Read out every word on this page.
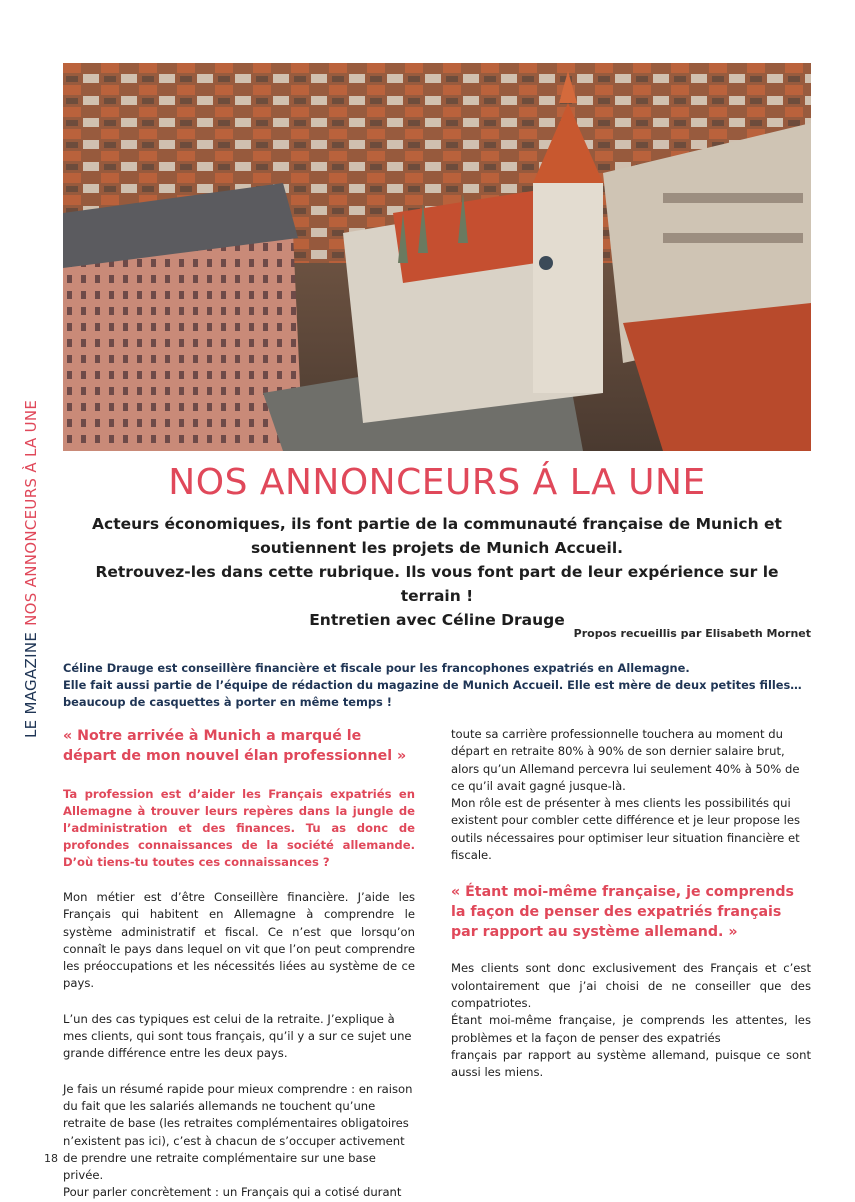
LE MAGAZINENOS ANNONCEURS À LA UNE	NOS ANNONCEURS Á LA UNE

Acteurs économiques, ils font partie de la communauté française de Munich et soutiennent les projets de Munich Accueil.

Retrouvez-les dans cette rubrique. Ils vous font part de leur expérience sur le terrain !

Entretien avec Céline Drauge

Propos recueillis par Elisabeth Mornet

Céline Drauge est conseillère financière et fiscale pour les francophones expatriés en Allemagne.

Elle fait aussi partie de l’équipe de rédaction du magazine de Munich Accueil. Elle est mère de deux petites filles… beaucoup de casquettes à porter en même temps !

« Notre arrivée à Munich a marqué le départ de mon nouvel élan professionnel »

Ta profession est d’aider les Français expatriés en Allemagne à trouver leurs repères dans la jungle de l’administration et des finances. Tu as donc de profondes connaissances de la société allemande. D’où tiens-tu toutes ces connaissances ?

Mon métier est d’être Conseillère financière. J’aide les Français qui habitent en Allemagne à comprendre le système administratif et fiscal. Ce n’est que lorsqu’on connaît le pays dans lequel on vit que l’on peut comprendre les préoccupations et les nécessités liées au système de ce pays.

L’un des cas typiques est celui de la retraite. J’explique à mes clients, qui sont tous français, qu’il y a sur ce sujet une grande différence entre les deux pays.

Je fais un résumé rapide pour mieux comprendre : en raison du fait que les salariés allemands ne touchent qu’une retraite de base (les retraites complémentaires obligatoires n’existent pas ici), c’est à chacun de s’occuper activement de prendre une retraite complémentaire sur une base privée.

Pour parler concrètement : un Français qui a cotisé durant

toute sa carrière professionnelle touchera au moment du départ en retraite 80% à 90% de son dernier salaire brut, alors qu’un Allemand percevra lui seulement 40% à 50% de ce qu’il avait gagné jusque-là.

Mon rôle est de présenter à mes clients les possibilités qui existent pour combler cette différence et je leur propose les outils nécessaires pour optimiser leur situation financière et fiscale.

« Étant moi-même française, je comprends la façon de penser des expatriés français par rapport au système allemand. »

Mes clients sont donc exclusivement des Français et c’est volontairement que j’ai choisi de ne conseiller que des compatriotes.

Étant moi-même française, je comprends les attentes, les problèmes et la façon de penser des expatriés

français par rapport au système allemand, puisque ce sont aussi les miens.

18
